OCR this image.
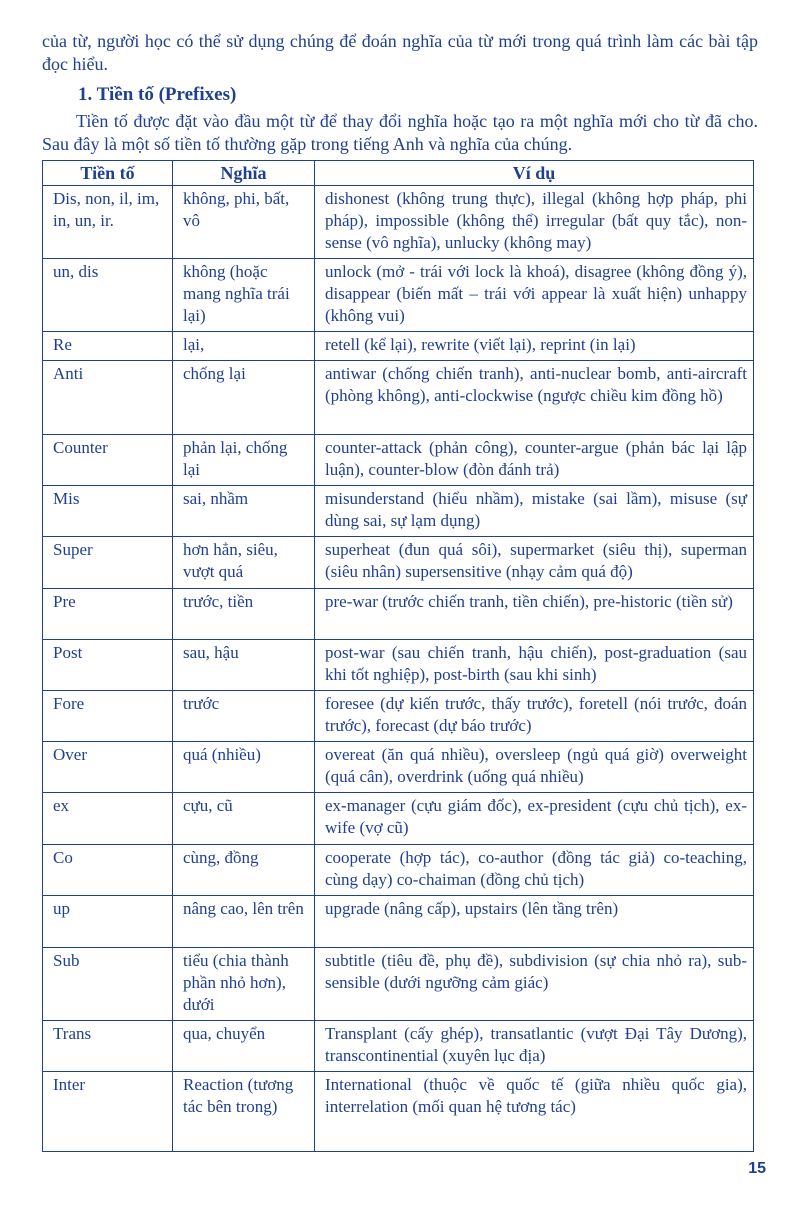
của từ, người học có thể sử dụng chúng để đoán nghĩa của từ mới trong quá trình làm các bài tập đọc hiểu.
1. Tiền tố (Prefixes)
Tiền tố được đặt vào đầu một từ để thay đổi nghĩa hoặc tạo ra một nghĩa mới cho từ đã cho. Sau đây là một số tiền tố thường gặp trong tiếng Anh và nghĩa của chúng.
Tiền tố	Nghĩa	Ví dụ
Dis, non, il, im, in, un, ir.	không, phi, bất, vô	dishonest (không trung thực), illegal (không hợp pháp, phi pháp), impossible (không thể) irregular (bất quy tắc), non-sense (vô nghĩa), unlucky (không may)
un, dis	không (hoặc mang nghĩa trái lại)	unlock (mở - trái với lock là khoá), disagree (không đồng ý), disappear (biến mất – trái với appear là xuất hiện) unhappy (không vui)
Re	lại,	retell (kể lại), rewrite (viết lại), reprint (in lại)
Anti	chống lại	antiwar (chống chiến tranh), anti-nuclear bomb, anti-aircraft (phòng không), anti-clockwise (ngược chiều kim đồng hồ)
Counter	phản lại, chống lại	counter-attack (phản công), counter-argue (phản bác lại lập luận), counter-blow (đòn đánh trả)
Mis	sai, nhầm	misunderstand (hiểu nhầm), mistake (sai lầm), misuse (sự dùng sai, sự lạm dụng)
Super	hơn hẳn, siêu, vượt quá	superheat (đun quá sôi), supermarket (siêu thị), superman (siêu nhân) supersensitive (nhạy cảm quá độ)
Pre	trước, tiền	pre-war (trước chiến tranh, tiền chiến), pre-historic (tiền sử)
Post	sau, hậu	post-war (sau chiến tranh, hậu chiến), post-graduation (sau khi tốt nghiệp), post-birth (sau khi sinh)
Fore	trước	foresee (dự kiến trước, thấy trước), foretell (nói trước, đoán trước), forecast (dự báo trước)
Over	quá (nhiều)	overeat (ăn quá nhiều), oversleep (ngủ quá giờ) overweight (quá cân), overdrink (uống quá nhiều)
ex	cựu, cũ	ex-manager (cựu giám đốc), ex-president (cựu chủ tịch), ex-wife (vợ cũ)
Co	cùng, đồng	cooperate (hợp tác), co-author (đồng tác giả) co-teaching, cùng dạy) co-chaiman (đồng chủ tịch)
up	nâng cao, lên trên	upgrade (nâng cấp), upstairs (lên tầng trên)
Sub	tiểu (chia thành phần nhỏ hơn), dưới	subtitle (tiêu đề, phụ đề), subdivision (sự chia nhỏ ra), sub-sensible (dưới ngưỡng cảm giác)
Trans	qua, chuyển	Transplant (cấy ghép), transatlantic (vượt Đại Tây Dương), transcontinential (xuyên lục địa)
Inter	Reaction (tương tác bên trong)	International (thuộc về quốc tế (giữa nhiều quốc gia), interrelation (mối quan hệ tương tác)
15
